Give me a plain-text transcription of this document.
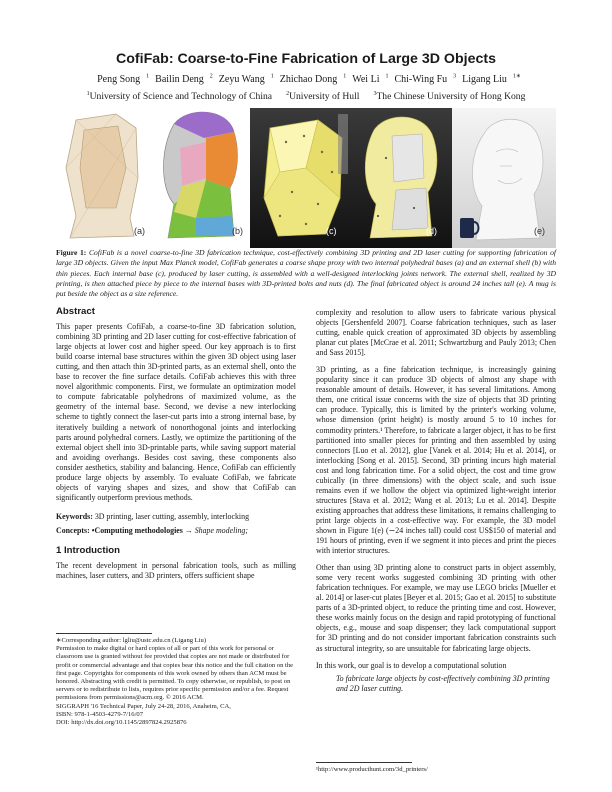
CofiFab: Coarse-to-Fine Fabrication of Large 3D Objects
Peng Song $^1$ Bailin Deng $^2$ Zeyu Wang $^1$ Zhichao Dong $^1$ Wei Li $^1$ Chi-Wing Fu $^3$ Ligang Liu $^{1∗}$
$^1$University of Science and Technology of China $^2$University of Hull $^3$The Chinese University of Hong Kong
(a)	(b)	(c)	(d)	(e)
Figure 1: CofiFab is a novel coarse-to-fine 3D fabrication technique, cost-effectively combining 3D printing and 2D laser cutting for supporting fabrication of large 3D objects. Given the input Max Planck model, CofiFab generates a coarse shape proxy with two internal polyhedral bases (a) and an external shell (b) with thin pieces. Each internal base (c), produced by laser cutting, is assembled with a well-designed interlocking joints network. The external shell, realized by 3D printing, is then attached piece by piece to the internal bases with 3D-printed bolts and nuts (d). The final fabricated object is around 24 inches tall (e). A mug is put beside the object as a size reference.
Abstract

This paper presents CofiFab, a coarse-to-fine 3D fabrication solution, combining 3D printing and 2D laser cutting for cost-effective fabrication of large objects at lower cost and higher speed. Our key approach is to first build coarse internal base structures within the given 3D object using laser cutting, and then attach thin 3D-printed parts, as an external shell, onto the base to recover the fine surface details. CofiFab achieves this with three novel algorithmic components. First, we formulate an optimization model to compute fabricatable polyhedrons of maximized volume, as the geometry of the internal base. Second, we devise a new interlocking scheme to tightly connect the laser-cut parts into a strong internal base, by iteratively building a network of nonorthogonal joints and interlocking parts around polyhedral corners. Lastly, we optimize the partitioning of the external object shell into 3D-printable parts, while saving support material and avoiding overhangs. Besides cost saving, these components also consider aesthetics, stability and balancing. Hence, CofiFab can efficiently produce large objects by assembly. To evaluate CofiFab, we fabricate objects of varying shapes and sizes, and show that CofiFab can significantly outperform previous methods.

Keywords: 3D printing, laser cutting, assembly, interlocking

Concepts: •Computing methodologies → Shape modeling;

1 Introduction

The recent development in personal fabrication tools, such as milling machines, laser cutters, and 3D printers, offers sufficient shape

∗Corresponding author: lgliu@ustc.edu.cn (Ligang Liu)
Permission to make digital or hard copies of all or part of this work for personal or classroom use is granted without fee provided that copies are not made or distributed for profit or commercial advantage and that copies bear this notice and the full citation on the first page. Copyrights for components of this work owned by others than ACM must be honored. Abstracting with credit is permitted. To copy otherwise, or republish, to post on servers or to redistribute to lists, requires prior specific permission and/or a fee. Request permissions from permissions@acm.org. © 2016 ACM.
SIGGRAPH '16 Technical Paper, July 24-28, 2016, Anaheim, CA,
ISBN: 978-1-4503-4279-7/16/07
DOI: http://dx.doi.org/10.1145/2897824.2925876

complexity and resolution to allow users to fabricate various physical objects [Gershenfeld 2007]. Coarse fabrication techniques, such as laser cutting, enable quick creation of approximated 3D objects by assembling planar cut plates [McCrae et al. 2011; Schwartzburg and Pauly 2013; Chen and Sass 2015].

3D printing, as a fine fabrication technique, is increasingly gaining popularity since it can produce 3D objects of almost any shape with reasonable amount of details. However, it has several limitations. Among them, one critical issue concerns with the size of objects that 3D printing can produce. Typically, this is limited by the printer's working volume, whose dimension (print height) is mostly around 5 to 10 inches for commodity printers.¹ Therefore, to fabricate a larger object, it has to be first partitioned into smaller pieces for printing and then assembled by using connectors [Luo et al. 2012], glue [Vanek et al. 2014; Hu et al. 2014], or interlocking [Song et al. 2015]. Second, 3D printing incurs high material cost and long fabrication time. For a solid object, the cost and time grow cubically (in three dimensions) with the object scale, and such issue remains even if we hollow the object via optimized light-weight interior structures [Stava et al. 2012; Wang et al. 2013; Lu et al. 2014]. Despite existing approaches that address these limitations, it remains challenging to print large objects in a cost-effective way. For example, the 3D model shown in Figure 1(e) (∼24 inches tall) could cost US$150 of material and 191 hours of printing, even if we segment it into pieces and print the pieces with interior structures.

Other than using 3D printing alone to construct parts in object assembly, some very recent works suggested combining 3D printing with other fabrication techniques. For example, we may use LEGO bricks [Mueller et al. 2014] or laser-cut plates [Beyer et al. 2015; Gao et al. 2015] to substitute parts of a 3D-printed object, to reduce the printing time and cost. However, these works mainly focus on the design and rapid prototyping of functional objects, e.g., mouse and soap dispenser; they lack computational support for 3D printing and do not consider important fabrication constraints such as structural integrity, so are unsuitable for fabricating large objects.

In this work, our goal is to develop a computational solution

To fabricate large objects by cost-effectively combining 3D printing and 2D laser cutting.

¹http://www.producthunt.com/3d_printers/
